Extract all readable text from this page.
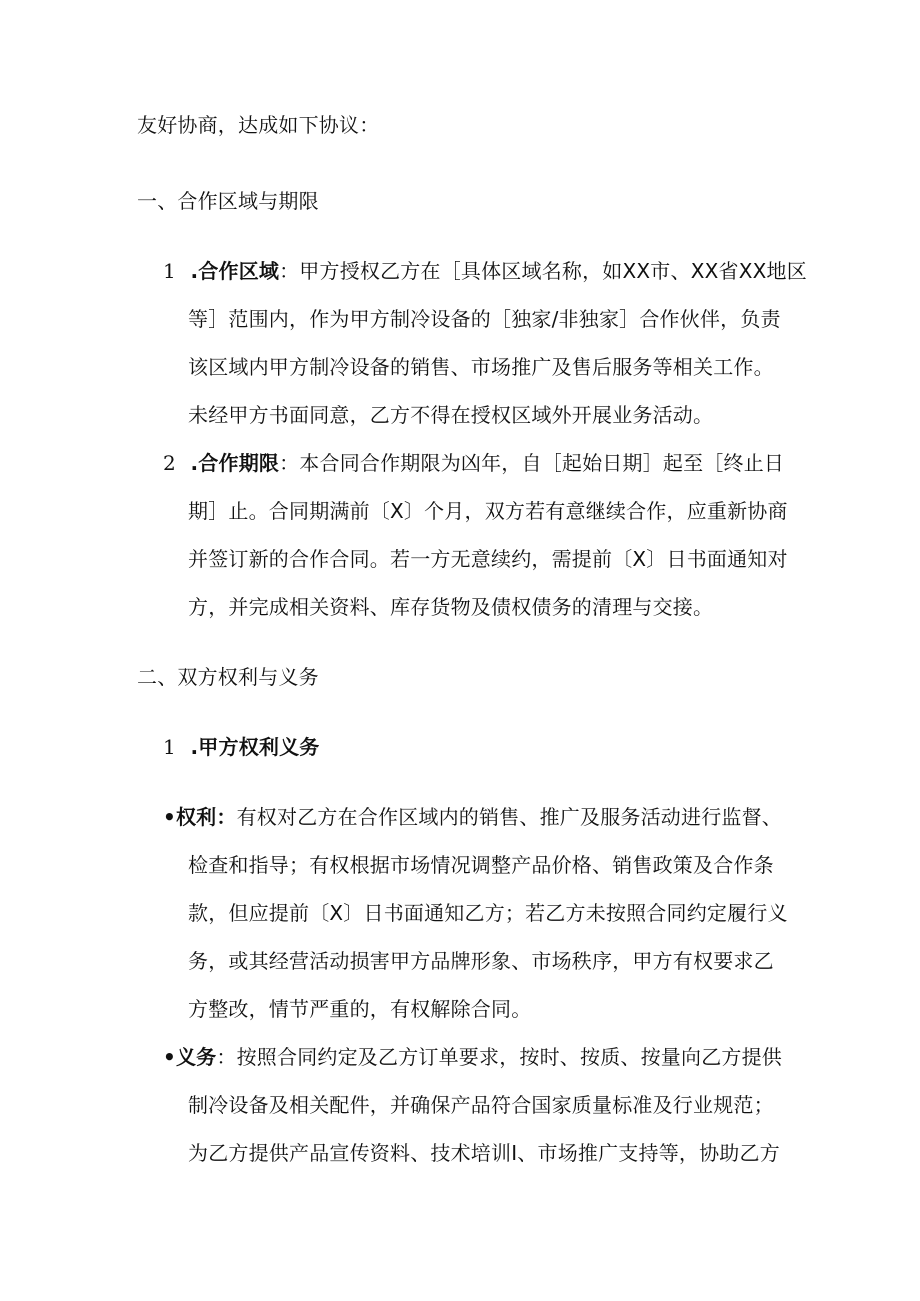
友好协商，达成如下协议：
一、合作区域与期限
1 .合作区域：甲方授权乙方在［具体区域名称，如XX市、XX省XX地区
等］范围内，作为甲方制冷设备的［独家/非独家］合作伙伴，负责
该区域内甲方制冷设备的销售、市场推广及售后服务等相关工作。
未经甲方书面同意，乙方不得在授权区域外开展业务活动。
2 .合作期限：本合同合作期限为凶年，自［起始日期］起至［终止日
期］止。合同期满前〔X〕个月，双方若有意继续合作，应重新协商
并签订新的合作合同。若一方无意续约，需提前〔X〕日书面通知对
方，并完成相关资料、库存货物及债权债务的清理与交接。
二、双方权利与义务
1 .甲方权利义务
•权利：有权对乙方在合作区域内的销售、推广及服务活动进行监督、
检查和指导；有权根据市场情况调整产品价格、销售政策及合作条
款，但应提前〔X〕日书面通知乙方；若乙方未按照合同约定履行义
务，或其经营活动损害甲方品牌形象、市场秩序，甲方有权要求乙
方整改，情节严重的，有权解除合同。
•义务：按照合同约定及乙方订单要求，按时、按质、按量向乙方提供
制冷设备及相关配件，并确保产品符合国家质量标准及行业规范；
为乙方提供产品宣传资料、技术培训I、市场推广支持等，协助乙方
